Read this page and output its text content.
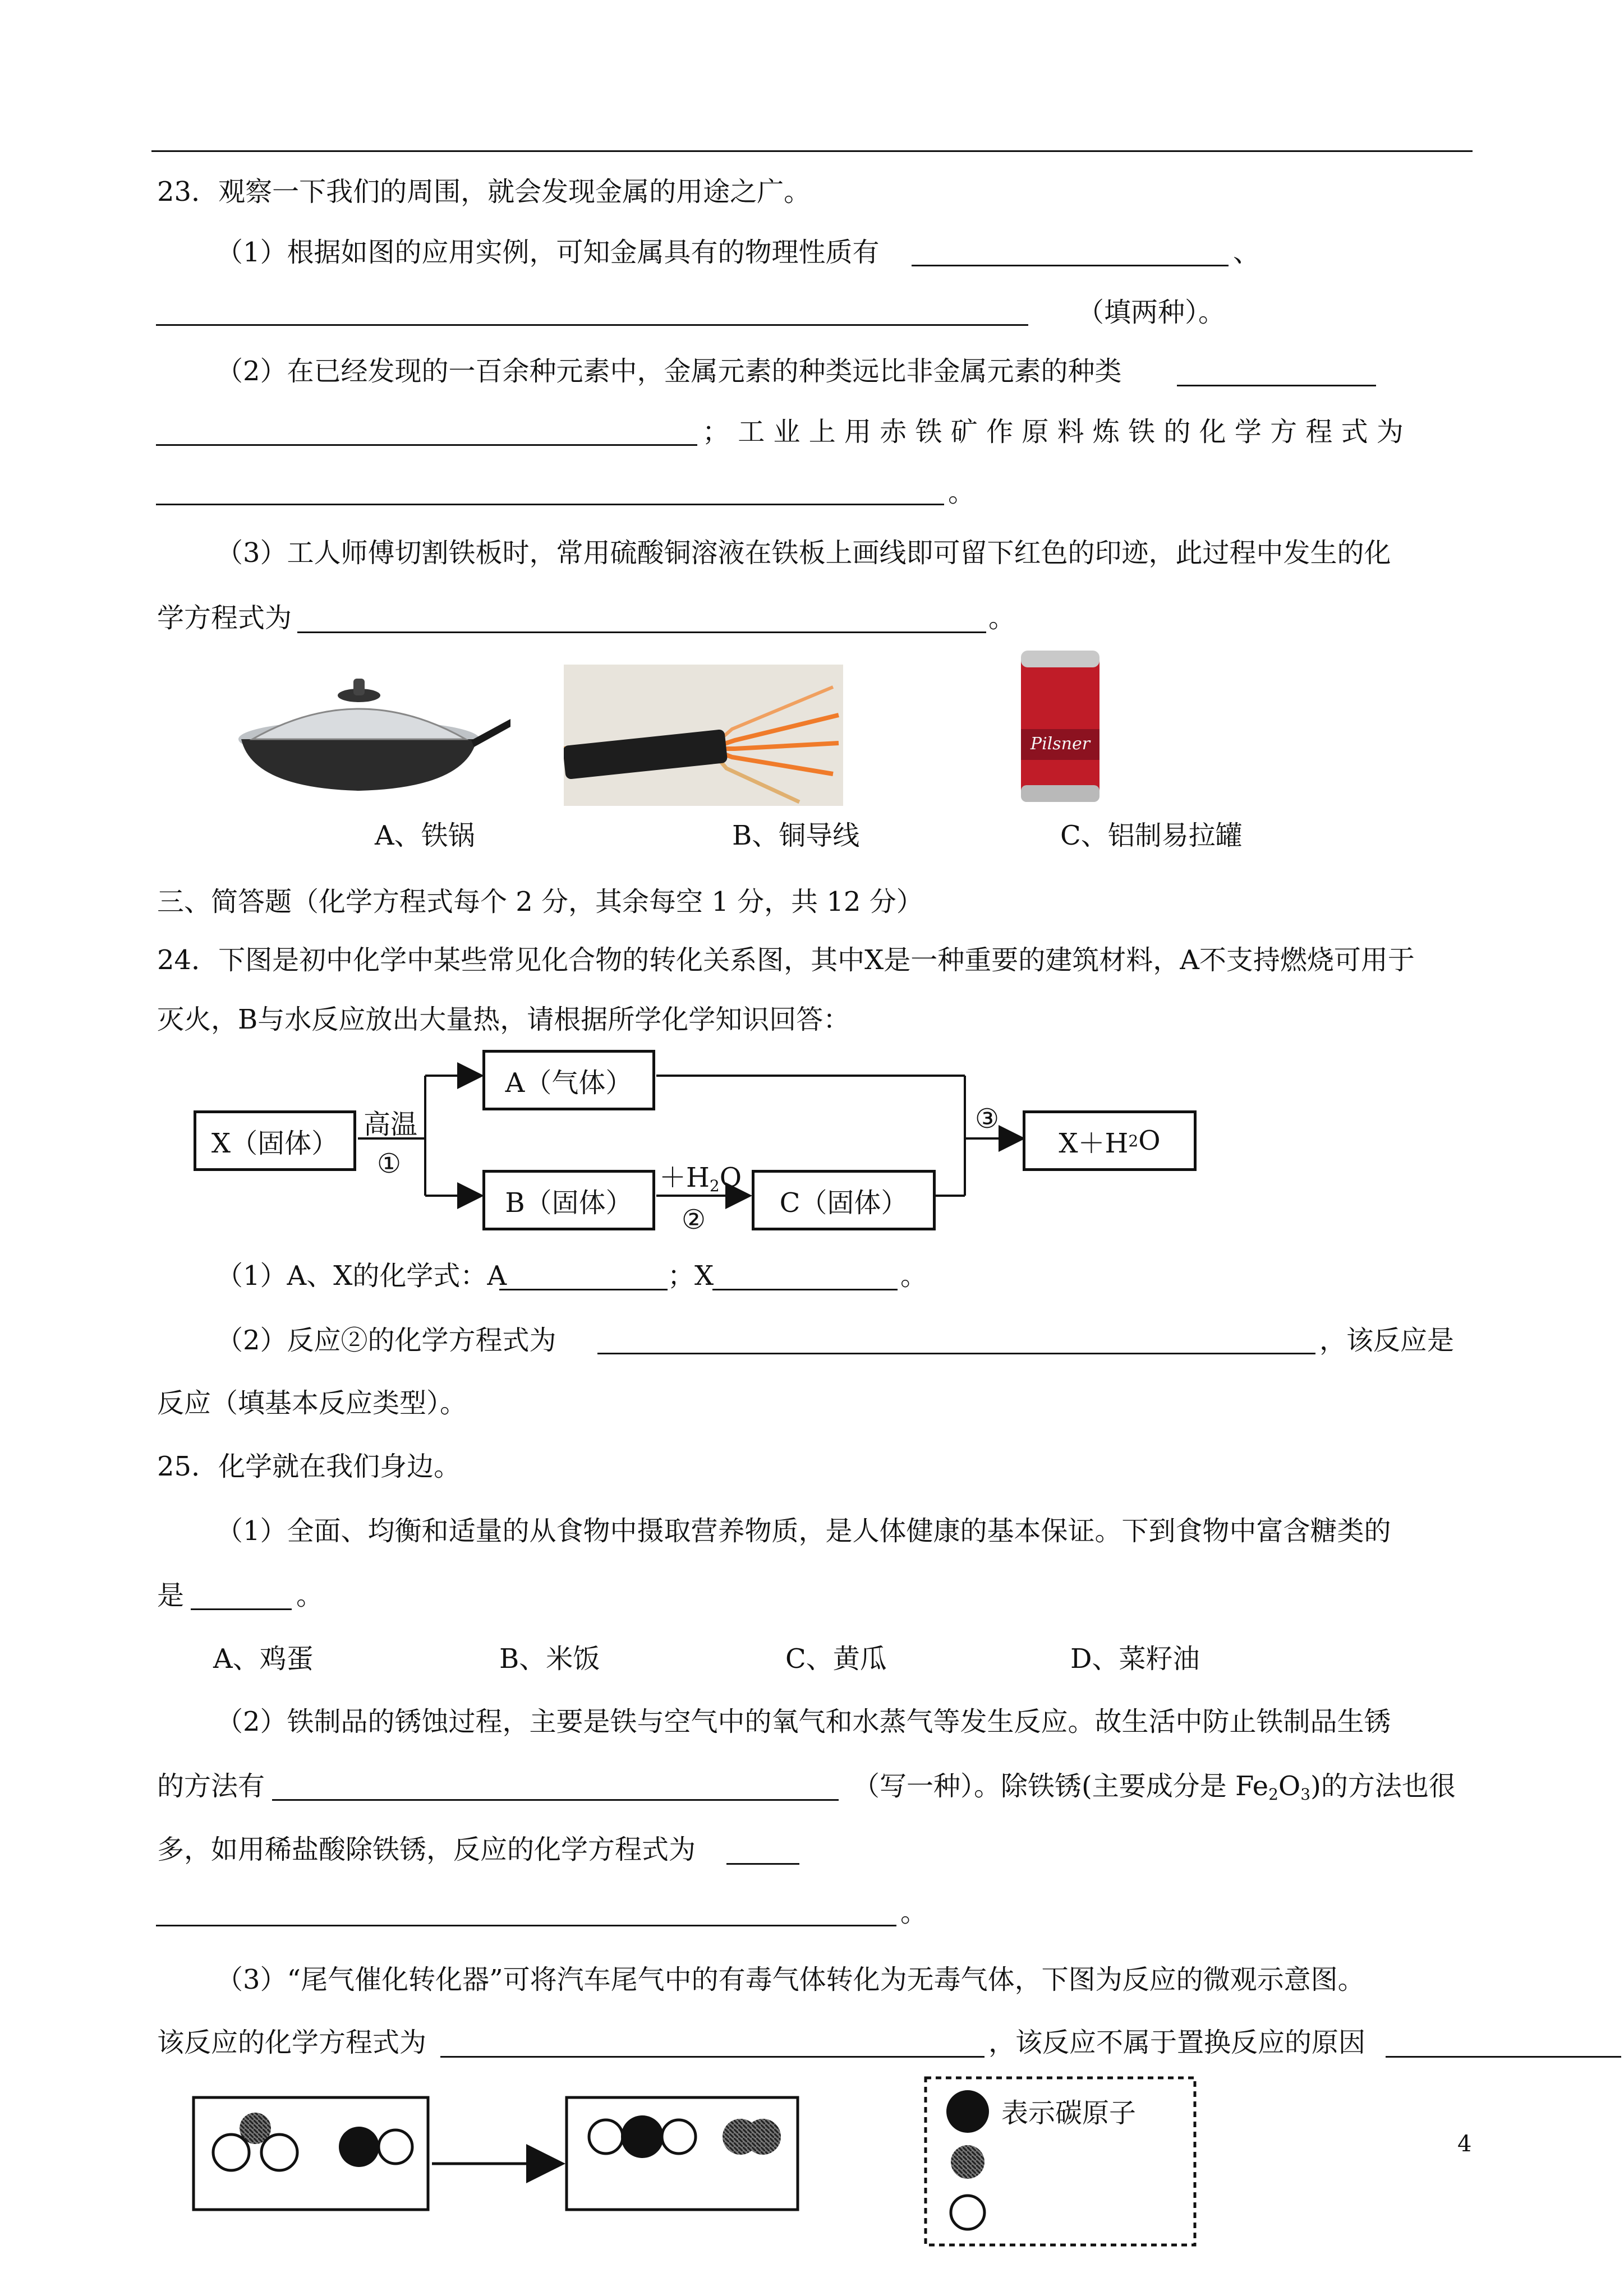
23．观察一下我们的周围，就会发现金属的用途之广。
（1）根据如图的应用实例，可知金属具有的物理性质有	、
（填两种）。
（2）在已经发现的一百余种元素中，金属元素的种类远比非金属元素的种类
； 工 业 上 用 赤 铁 矿 作 原 料 炼 铁 的 化 学 方 程 式 为
。
（3）工人师傅切割铁板时，常用硫酸铜溶液在铁板上画线即可留下红色的印迹，此过程中发生的化
学方程式为	。
Pilsner
A、铁锅	B、铜导线	C、铝制易拉罐
三、简答题（化学方程式每个 2 分，其余每空 1 分，共 12 分）
24．下图是初中化学中某些常见化合物的转化关系图，其中X是一种重要的建筑材料，A不支持燃烧可用于
灭火，B与水反应放出大量热，请根据所学化学知识回答：
X（固体）
A（气体）
B（固体）	C（固体）
X＋H 2 O
高温
①	$+H_2O$
②
③
（1）A、X的化学式：A	；X	。
（2）反应②的化学方程式为	，该反应是
反应（填基本反应类型）。
25．化学就在我们身边。
（1）全面、均衡和适量的从食物中摄取营养物质，是人体健康的基本保证。下到食物中富含糖类的
是	。
A、鸡蛋	B、米饭	C、黄瓜	D、菜籽油
（2）铁制品的锈蚀过程，主要是铁与空气中的氧气和水蒸气等发生反应。故生活中防止铁制品生锈
的方法有	（写一种）。除铁锈(主要成分是 $Fe_2O_3$)的方法也很
多，如用稀盐酸除铁锈，反应的化学方程式为
。
（3）“尾气催化转化器”可将汽车尾气中的有毒气体转化为无毒气体，下图为反应的微观示意图。
该反应的化学方程式为	，该反应不属于置换反应的原因
表示碳原子
4
